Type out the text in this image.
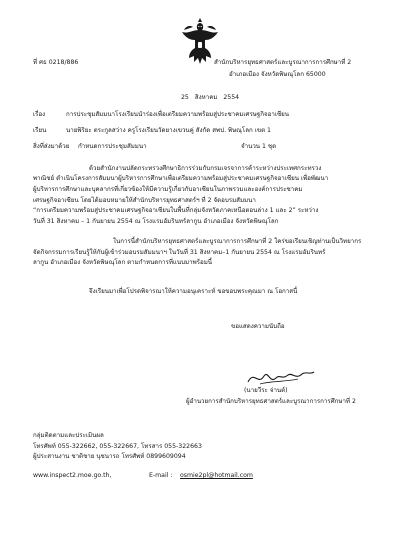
ที่ ศธ 0218/886	สำนักบริหารยุทธศาสตร์และบูรณาการการศึกษาที่ 2
อำเภอเมือง จังหวัดพิษณุโลก 65000
25 สิงหาคม 2554
เรื่อง	การประชุมสัมมนาโรงเรียนนำร่องเพื่อเตรียมความพร้อมสู่ประชาคมเศรษฐกิจอาเซียน
เรียน	นายพิริยะ ตระกูลสว่าง ครูโรงเรียนวัดยางเขวนคู่ สังกัด สพป. พิษณุโลก เขต 1
สิ่งที่ส่งมาด้วย กำหนดการประชุมสัมมนา	จำนวน 1 ชุด
ด้วยสำนักงานปลัดกระทรวงศึกษาธิการร่วมกับกรมเจรจาการค้าระหว่างประเทศกระทรวง
พาณิชย์ ดำเนินโครงการสัมมนาผู้บริหารการศึกษาเพื่อเตรียมความพร้อมสู่ประชาคมเศรษฐกิจอาเซียน เพื่อพัฒนา
ผู้บริหารการศึกษาและบุคลากรที่เกี่ยวข้องให้มีความรู้เกี่ยวกับอาเซียนในภาพรวมและองค์การประชาคม
เศรษฐกิจอาเซียน โดยได้มอบหมายให้สำนักบริหารยุทธศาสตร์ฯ ที่ 2 จัดอบรมสัมมนา
“การเตรียมความพร้อมสู่ประชาคมเศรษฐกิจอาเซียนในพื้นที่กลุ่มจังหวัดภาคเหนือตอนล่าง 1 และ 2” ระหว่าง
วันที่ 31 สิงหาคม – 1 กันยายน 2554 ณ โรงแรมอัมรินทร์ลากูน อำเภอเมือง จังหวัดพิษณุโลก
ในการนี้สำนักบริหารยุทธศาสตร์และบูรณาการการศึกษาที่ 2 ใคร่ขอเรียนเชิญท่านเป็นวิทยากร
จัดกิจกรรมการเรียนรู้ให้กับผู้เข้าร่วมอบรมสัมมนาฯ ในวันที่ 31 สิงหาคม–1 กันยายน 2554 ณ โรงแรมอัมรินทร์
ลากูน อำเภอเมือง จังหวัดพิษณุโลก ตามกำหนดการที่แนบมาพร้อมนี้
จึงเรียนมาเพื่อโปรดพิจารณาให้ความอนุเคราะห์ ขอขอบพระคุณมา ณ โอกาสนี้
ขอแสดงความนับถือ
(นายวีระ จ่านต์)
ผู้อำนวยการสำนักบริหารยุทธศาสตร์และบูรณาการการศึกษาที่ 2
กลุ่มติดตามและประเมินผล
โทรศัพท์ 055-322662, 055-322667, โทรสาร 055-322663
ผู้ประสานงาน ชาติชาย นุชนารถ โทรศัพท์ 0899609094
www.inspect2.moe.go.th,	E-mail : osmie2pl@hotmail.com
